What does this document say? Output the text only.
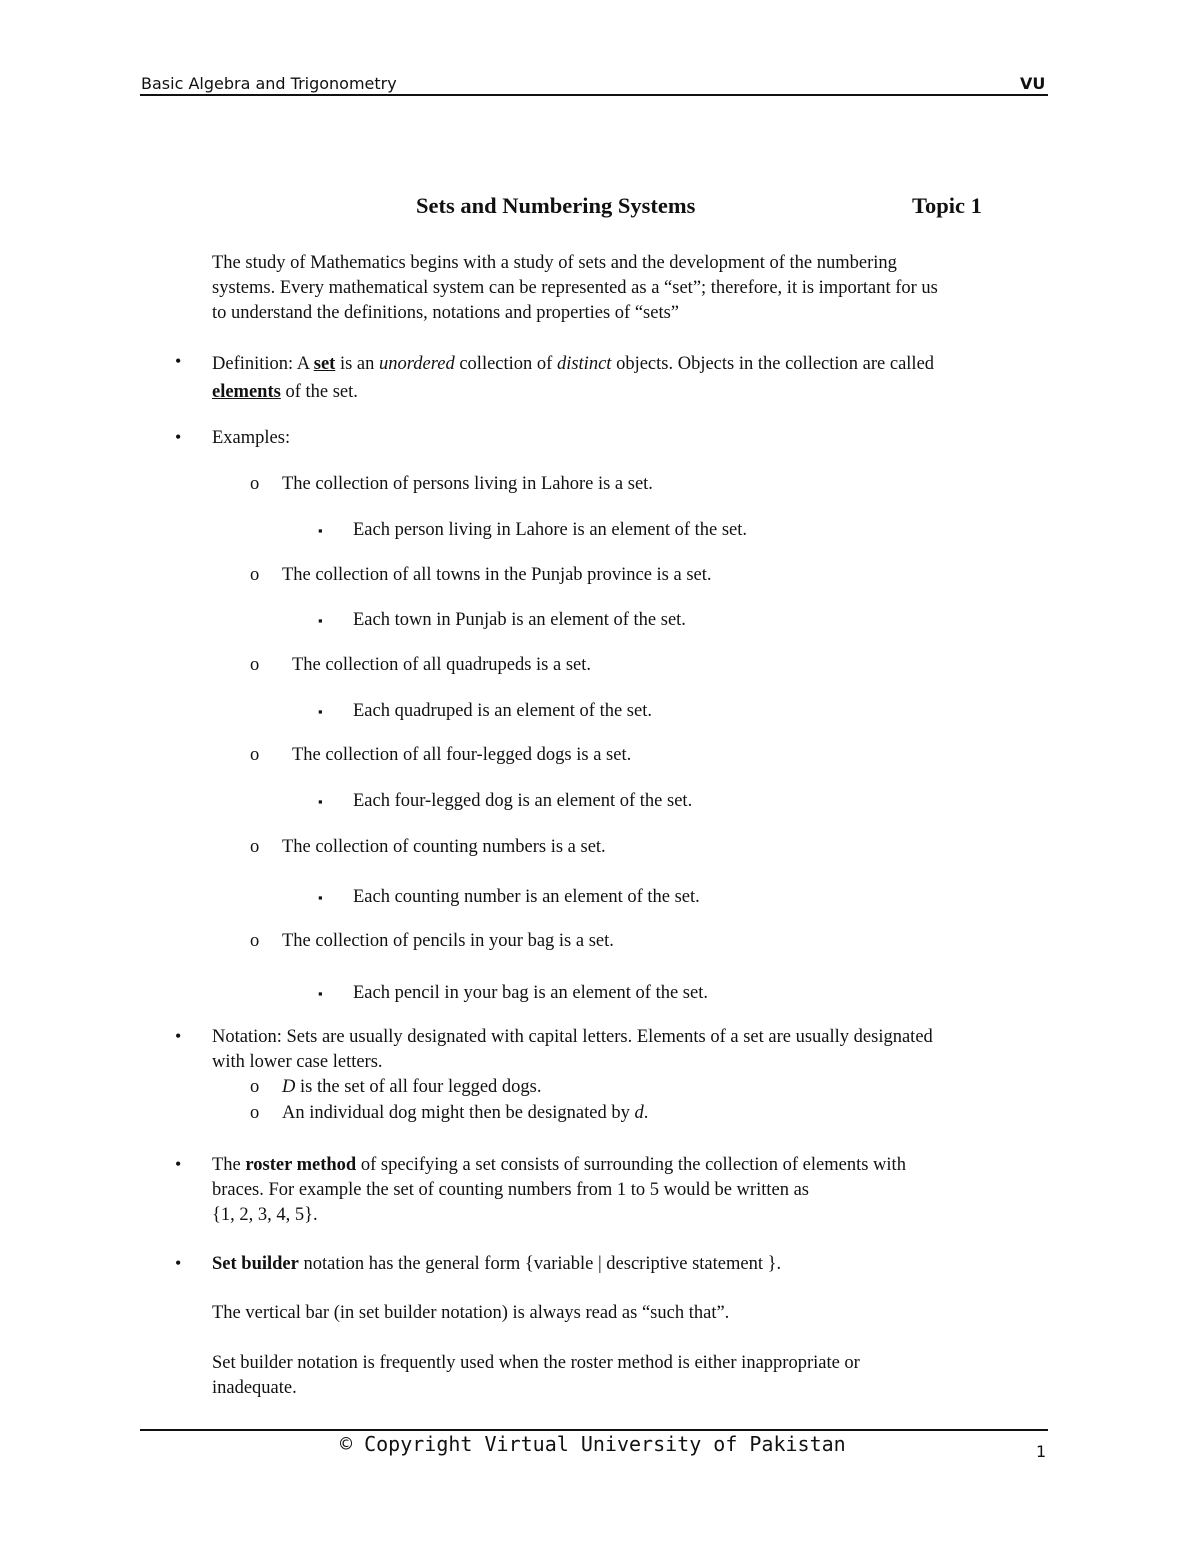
Basic Algebra and Trigonometry	VU
Sets and Numbering Systems	Topic 1
The study of Mathematics begins with a study of sets and the development of the numbering
systems. Every mathematical system can be represented as a “set”; therefore, it is important for us
to understand the definitions, notations and properties of “sets”
• Definition: A set is an unordered collection of distinct objects. Objects in the collection are called
elements of the set.
• Examples:
o The collection of persons living in Lahore is a set.
▪ Each person living in Lahore is an element of the set.
o The collection of all towns in the Punjab province is a set.
▪ Each town in Punjab is an element of the set.
o The collection of all quadrupeds is a set.
▪ Each quadruped is an element of the set.
o The collection of all four-legged dogs is a set.
▪ Each four-legged dog is an element of the set.
o The collection of counting numbers is a set.
▪ Each counting number is an element of the set.
o The collection of pencils in your bag is a set.
▪ Each pencil in your bag is an element of the set.
• Notation: Sets are usually designated with capital letters. Elements of a set are usually designated
with lower case letters.
o D is the set of all four legged dogs.
o An individual dog might then be designated by d.
• The roster method of specifying a set consists of surrounding the collection of elements with
braces. For example the set of counting numbers from 1 to 5 would be written as
{1, 2, 3, 4, 5}.
• Set builder notation has the general form {variable | descriptive statement }.
The vertical bar (in set builder notation) is always read as “such that”.
Set builder notation is frequently used when the roster method is either inappropriate or
inadequate.
© Copyright Virtual University of Pakistan	1
